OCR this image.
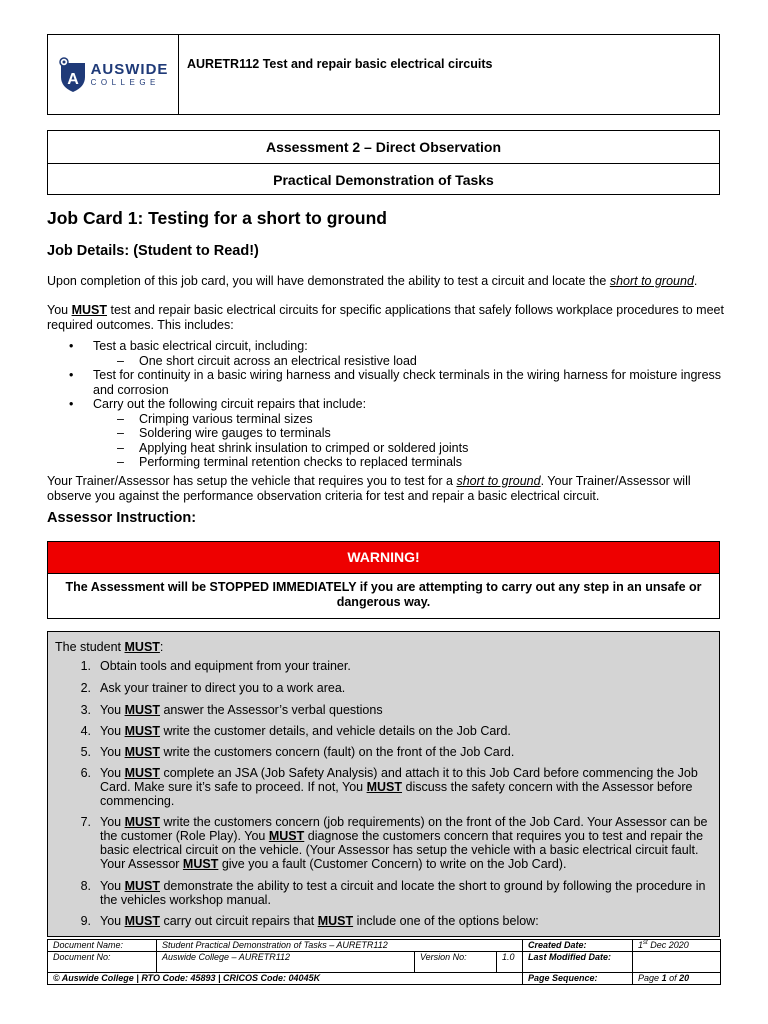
A
AUSWIDE
COLLEGE
AURETR112 Test and repair basic electrical circuits
Assessment 2 – Direct Observation
Practical Demonstration of Tasks
Job Card 1: Testing for a short to ground
Job Details: (Student to Read!)

Upon completion of this job card, you will have demonstrated the ability to test a circuit and locate the short to ground.

You MUST test and repair basic electrical circuits for specific applications that safely follows workplace procedures to meet required outcomes. This includes:

• Test a basic electrical circuit, including:
– One short circuit across an electrical resistive load
• Test for continuity in a basic wiring harness and visually check terminals in the wiring harness for moisture ingress and corrosion
• Carry out the following circuit repairs that include:
– Crimping various terminal sizes
– Soldering wire gauges to terminals
– Applying heat shrink insulation to crimped or soldered joints
– Performing terminal retention checks to replaced terminals

Your Trainer/Assessor has setup the vehicle that requires you to test for a short to ground. Your Trainer/Assessor will observe you against the performance observation criteria for test and repair a basic electrical circuit.

Assessor Instruction:
WARNING!
The Assessment will be STOPPED IMMEDIATELY if you are attempting to carry out any step in an unsafe or dangerous way.
The student MUST:
1. Obtain tools and equipment from your trainer.
2. Ask your trainer to direct you to a work area.
3. You MUST answer the Assessor’s verbal questions
4. You MUST write the customer details, and vehicle details on the Job Card.
5. You MUST write the customers concern (fault) on the front of the Job Card.
6. You MUST complete an JSA (Job Safety Analysis) and attach it to this Job Card before commencing the Job Card. Make sure it’s safe to proceed. If not, You MUST discuss the safety concern with the Assessor before commencing.
7. You MUST write the customers concern (job requirements) on the front of the Job Card. Your Assessor can be the customer (Role Play). You MUST diagnose the customers concern that requires you to test and repair the basic electrical circuit on the vehicle. (Your Assessor has setup the vehicle with a basic electrical circuit fault. Your Assessor MUST give you a fault (Customer Concern) to write on the Job Card).
8. You MUST demonstrate the ability to test a circuit and locate the short to ground by following the procedure in the vehicles workshop manual.
9. You MUST carry out circuit repairs that MUST include one of the options below:
Document Name:	Student Practical Demonstration of Tasks – AURETR112			Created Date:	1st Dec 2020
Document No:	Auswide College – AURETR112	Version No:	1.0	Last Modified Date:	
© Auswide College | RTO Code: 45893 | CRICOS Code: 04045K				Page Sequence:	Page 1 of 20
